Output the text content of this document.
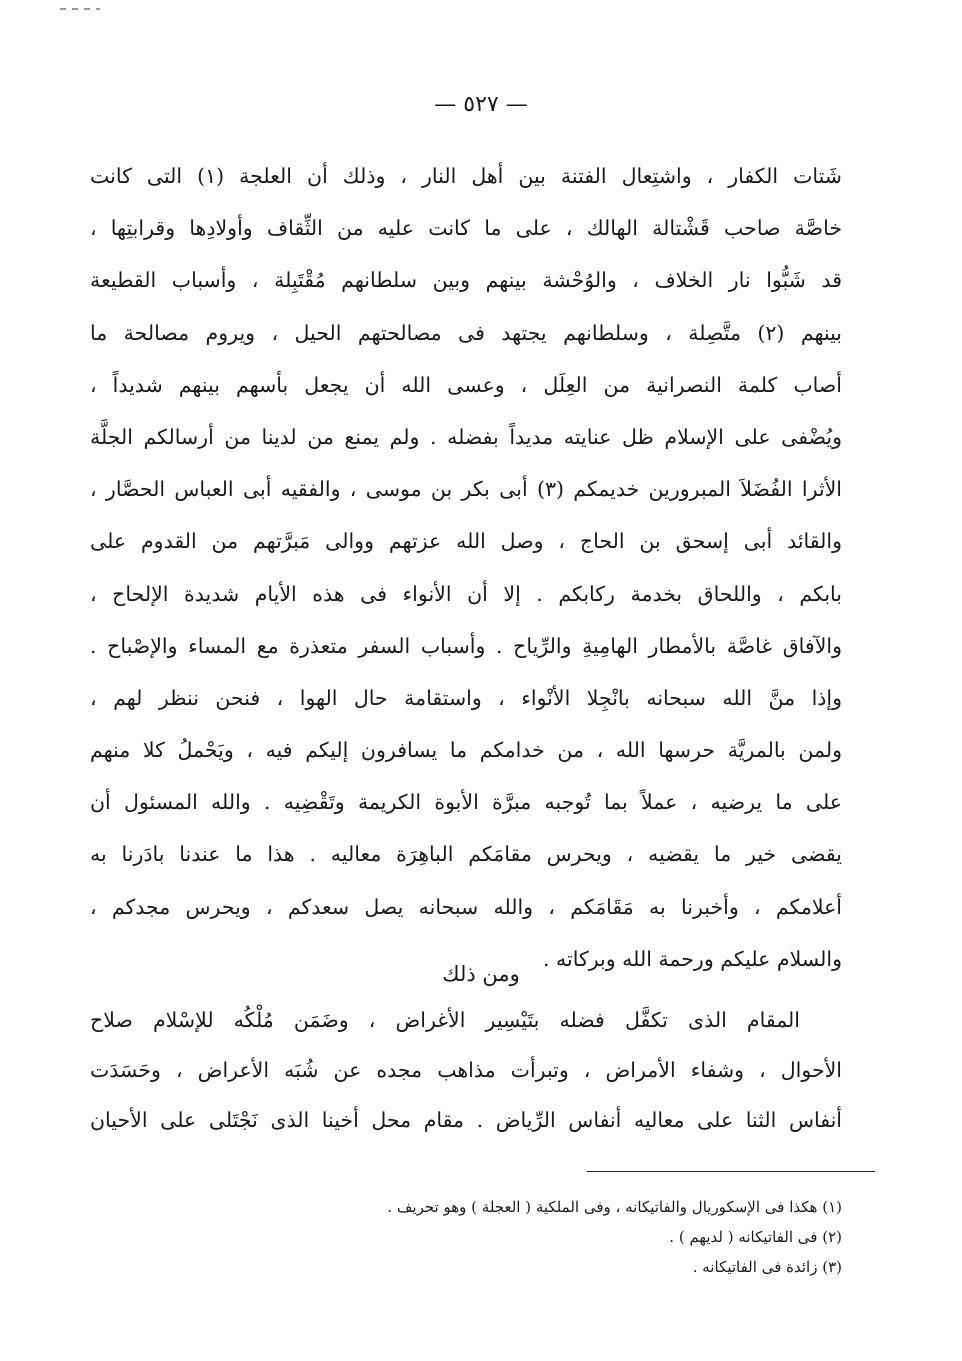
— ٥٢٧ —
شَتات الكفار ، واشتِعال الفتنة بين أهل النار ، وذلك أن العلجة (١) التى كانت
خاصَّة صاحب قَشْتالة الهالك ، على ما كانت عليه من الثِّقاف وأولادِها وقرابتِها ،
قد شَبُّوا نار الخلاف ، والوُحْشة بينهم وبين سلطانهم مُقْتَبِلة ، وأسباب القطيعة
بينهم (٢) متَّصِلة ، وسلطانهم يجتهد فى مصالحتهم الحيل ، ويروم مصالحة ما
أصاب كلمة النصرانية من العِلَل ، وعسى الله أن يجعل بأسهم بينهم شديداً ،
ويُضْفى على الإسلام ظل عنايته مديداً بفضله . ولم يمنع من لدينا من أرسالكم الجلَّة
الأثرا الفُضَلاَ المبرورين خديمكم (٣) أبى بكر بن موسى ، والفقيه أبى العباس الحصَّار ،
والقائد أبى إسحق بن الحاج ، وصل الله عزتهم ووالى مَبرَّتهم من القدوم على
بابكم ، واللحاق بخدمة ركابكم . إلا أن الأنواء فى هذه الأيام شديدة الإلحاح ،
والآفاق غاصَّة بالأمطار الهامِيةِ والرِّياح . وأسباب السفر متعذرة مع المساء والإصْباح .
وإذا منَّ الله سبحانه بانْجِلا الأنْواء ، واستقامة حال الهوا ، فنحن ننظر لهم ،
ولمن بالمريَّة حرسها الله ، من خدامكم ما يسافرون إليكم فيه ، ويَحْملُ كلا منهم
على ما يرضيه ، عملاً بما تُوجبه مبرَّة الأبوة الكريمة وتَقْضِيه . والله المسئول أن
يقضى خير ما يقضيه ، ويحرس مقامَكم الباهِرَة معاليه . هذا ما عندنا بادَرنا به
أعلامكم ، وأخبرنا به مَقَامَكم ، والله سبحانه يصل سعدكم ، ويحرس مجدكم ،
والسلام عليكم ورحمة الله وبركاته .
ومن ذلك
المقام الذى تكفَّل فضله بتَيْسِير الأغراض ، وضَمَن مُلْكُه للإسْلام صلاح
الأحوال ، وشفاء الأمراض ، وتبرأت مذاهب مجده عن شُبَه الأعراض ، وحَسَدَت
أنفاس الثنا على معاليه أنفاس الرِّياض . مقام محل أخينا الذى نَجْتَلى على الأحيان
(١) هكذا فى الإسكوريال والفاتيكانه ، وفى الملكية ( العجلة ) وهو تحريف .
(٢) فى الفاتيكانه ( لديهم ) .
(٣) زائدة فى الفاتيكانه .
